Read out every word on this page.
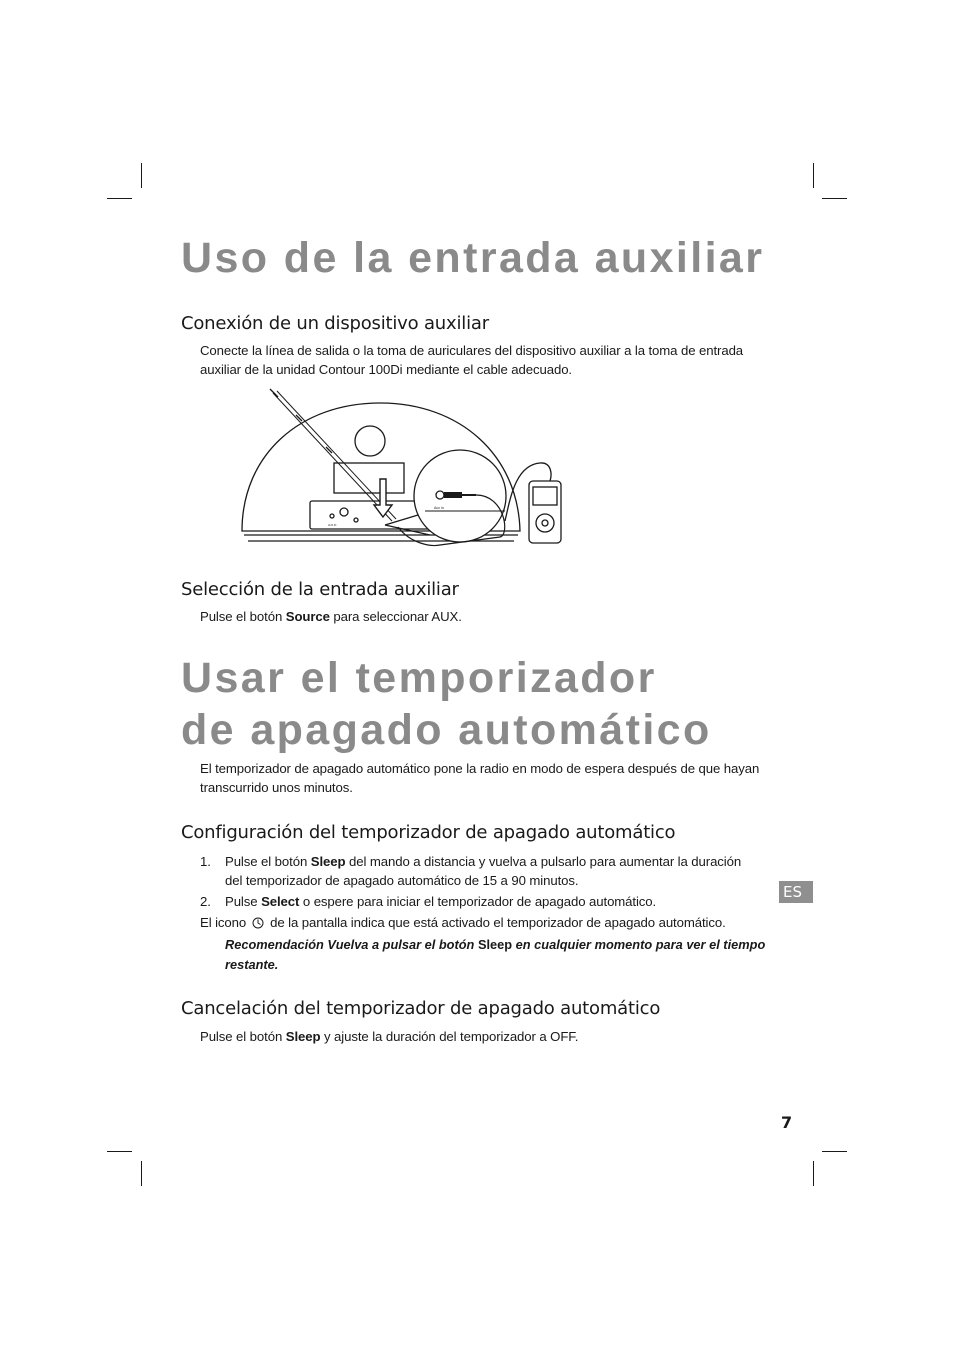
Uso de la entrada auxiliar
Conexión de un dispositivo auxiliar

Conecte la línea de salida o la toma de auriculares del dispositivo auxiliar a la toma de entrada

auxiliar de la unidad Contour 100Di mediante el cable adecuado.

Aux In
AUX IN
Selección de la entrada auxiliar

Pulse el botón Source para seleccionar AUX.

Usar el temporizador
de apagado automático

El temporizador de apagado automático pone la radio en modo de espera después de que hayan

transcurrido unos minutos.

Configuración del temporizador de apagado automático
1. Pulse el botón Sleep del mando a distancia y vuelva a pulsarlo para aumentar la duración
del temporizador de apagado automático de 15 a 90 minutos.
2. Pulse Select o espere para iniciar el temporizador de apagado automático.

El icono de la pantalla indica que está activado el temporizador de apagado automático.

Recomendación Vuelva a pulsar el botón Sleep en cualquier momento para ver el tiempo

restante.

Cancelación del temporizador de apagado automático

Pulse el botón Sleep y ajuste la duración del temporizador a OFF.

ES
7
